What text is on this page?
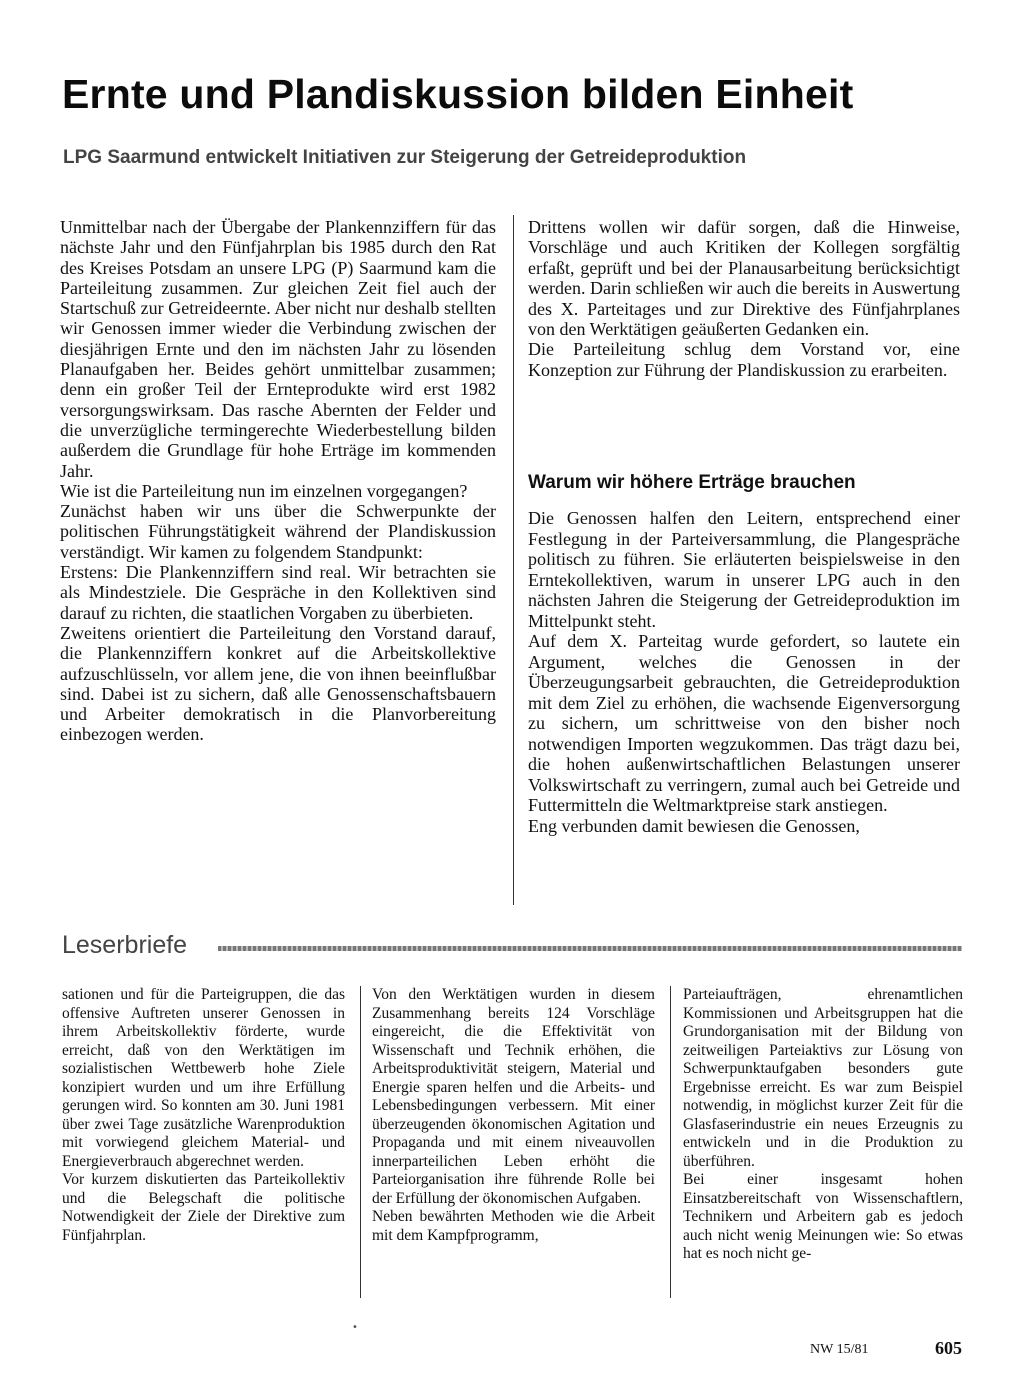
Ernte und Plandiskussion bilden Einheit
LPG Saarmund entwickelt Initiativen zur Steigerung der Getreideproduktion

Unmittelbar nach der Übergabe der Plankennziffern für das nächste Jahr und den Fünfjahrplan bis 1985 durch den Rat des Kreises Potsdam an unsere LPG (P) Saarmund kam die Parteileitung zusammen. Zur gleichen Zeit fiel auch der Startschuß zur Getreideernte. Aber nicht nur deshalb stellten wir Genossen immer wieder die Verbindung zwischen der diesjährigen Ernte und den im nächsten Jahr zu lösenden Planaufgaben her. Beides gehört unmittelbar zusammen; denn ein großer Teil der Ernteprodukte wird erst 1982 versorgungswirksam. Das rasche Abernten der Felder und die unverzügliche termingerechte Wiederbestellung bilden außerdem die Grundlage für hohe Erträge im kommenden Jahr.

Wie ist die Parteileitung nun im einzelnen vorgegangen?

Zunächst haben wir uns über die Schwerpunkte der politischen Führungstätigkeit während der Plandiskussion verständigt. Wir kamen zu folgendem Standpunkt:

Erstens: Die Plankennziffern sind real. Wir betrachten sie als Mindestziele. Die Gespräche in den Kollektiven sind darauf zu richten, die staatlichen Vorgaben zu überbieten.

Zweitens orientiert die Parteileitung den Vorstand darauf, die Plankennziffern konkret auf die Arbeitskollektive aufzuschlüsseln, vor allem jene, die von ihnen beeinflußbar sind. Dabei ist zu sichern, daß alle Genossenschaftsbauern und Arbeiter demokratisch in die Planvorbereitung einbezogen werden.

Drittens wollen wir dafür sorgen, daß die Hinweise, Vorschläge und auch Kritiken der Kollegen sorgfältig erfaßt, geprüft und bei der Planausarbeitung berücksichtigt werden. Darin schließen wir auch die bereits in Auswertung des X. Parteitages und zur Direktive des Fünfjahrplanes von den Werktätigen geäußerten Gedanken ein.

Die Parteileitung schlug dem Vorstand vor, eine Konzeption zur Führung der Plandiskussion zu erarbeiten.

Warum wir höhere Erträge brauchen

Die Genossen halfen den Leitern, entsprechend einer Festlegung in der Parteiversammlung, die Plangespräche politisch zu führen. Sie erläuterten beispielsweise in den Erntekollektiven, warum in unserer LPG auch in den nächsten Jahren die Steigerung der Getreideproduktion im Mittelpunkt steht.

Auf dem X. Parteitag wurde gefordert, so lautete ein Argument, welches die Genossen in der Überzeugungsarbeit gebrauchten, die Getreideproduktion mit dem Ziel zu erhöhen, die wachsende Eigenversorgung zu sichern, um schrittweise von den bisher noch notwendigen Importen wegzukommen. Das trägt dazu bei, die hohen außenwirtschaftlichen Belastungen unserer Volkswirtschaft zu verringern, zumal auch bei Getreide und Futtermitteln die Weltmarktpreise stark anstiegen.

Eng verbunden damit bewiesen die Genossen,

Leserbriefe

sationen und für die Parteigruppen, die das offensive Auftreten unserer Genossen in ihrem Arbeitskollektiv förderte, wurde erreicht, daß von den Werktätigen im sozialistischen Wettbewerb hohe Ziele konzipiert wurden und um ihre Erfüllung gerungen wird. So konnten am 30. Juni 1981 über zwei Tage zusätzliche Warenproduktion mit vorwiegend gleichem Material- und Energieverbrauch abgerechnet werden.

Vor kurzem diskutierten das Parteikollektiv und die Belegschaft die politische Notwendigkeit der Ziele der Direktive zum Fünfjahrplan.

Von den Werktätigen wurden in diesem Zusammenhang bereits 124 Vorschläge eingereicht, die die Effektivität von Wissenschaft und Technik erhöhen, die Arbeitsproduktivität steigern, Material und Energie sparen helfen und die Arbeits- und Lebensbedingungen verbessern. Mit einer überzeugenden ökonomischen Agitation und Propaganda und mit einem niveauvollen innerparteilichen Leben erhöht die Parteiorganisation ihre führende Rolle bei der Erfüllung der ökonomischen Aufgaben.

Neben bewährten Methoden wie die Arbeit mit dem Kampfprogramm,

Parteiaufträgen, ehrenamtlichen Kommissionen und Arbeitsgruppen hat die Grundorganisation mit der Bildung von zeitweiligen Parteiaktivs zur Lösung von Schwerpunktaufgaben besonders gute Ergebnisse erreicht. Es war zum Beispiel notwendig, in möglichst kurzer Zeit für die Glasfaserindustrie ein neues Erzeugnis zu entwickeln und in die Produktion zu überführen.

Bei einer insgesamt hohen Einsatzbereitschaft von Wissenschaftlern, Technikern und Arbeitern gab es jedoch auch nicht wenig Meinungen wie: So etwas hat es noch nicht ge-

•
NW 15/81	605
